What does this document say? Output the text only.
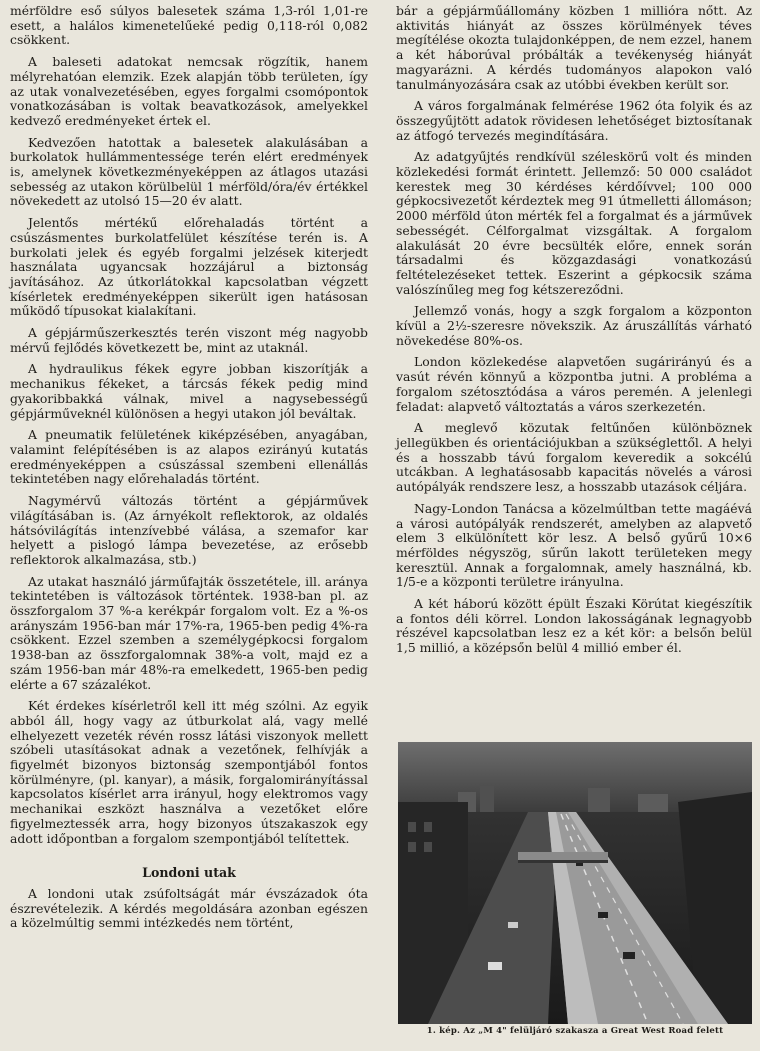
mérföldre eső súlyos balesetek száma 1,3-ról 1,01-re esett, a halálos kimenetelűeké pedig 0,118-ról 0,082 csökkent.

A baleseti adatokat nemcsak rögzítik, hanem mélyrehatóan elemzik. Ezek alapján több területen, így az utak vonalvezetésében, egyes forgalmi csomópontok vonatkozásában is voltak beavatkozások, amelyekkel kedvező eredményeket értek el.

Kedvezően hatottak a balesetek alakulásában a burkolatok hullámmentessége terén elért eredmények is, amelynek következményeképpen az átlagos utazási sebesség az utakon körülbelül 1 mérföld/óra/év értékkel növekedett az utolsó 15—20 év alatt.

Jelentős mértékű előrehaladás történt a csúszásmentes burkolatfelület készítése terén is. A burkolati jelek és egyéb forgalmi jelzések kiterjedt használata ugyancsak hozzájárul a biztonság javításához. Az útkorlátokkal kapcsolatban végzett kísérletek eredményeképpen sikerült igen hatásosan működő típusokat kialakítani.

A gépjárműszerkesztés terén viszont még nagyobb mérvű fejlődés következett be, mint az utaknál.

A hydraulikus fékek egyre jobban kiszorítják a mechanikus fékeket, a tárcsás fékek pedig mind gyakoribbakká válnak, mivel a nagysebességű gépjárműveknél különösen a hegyi utakon jól beváltak.

A pneumatik felületének kiképzésében, anyagában, valamint felépítésében is az alapos ezirányú kutatás eredményeképpen a csúszással szembeni ellenállás tekintetében nagy előrehaladás történt.

Nagymérvű változás történt a gépjárművek világításában is. (Az árnyékolt reflektorok, az oldalés hátsóvilágítás intenzívebbé válása, a szemafor kar helyett a pislogó lámpa bevezetése, az erősebb reflektorok alkalmazása, stb.)

Az utakat használó járműfajták összetétele, ill. aránya tekintetében is változások történtek. 1938-ban pl. az összforgalom 37 %-a kerékpár forgalom volt. Ez a %-os arányszám 1956-ban már 17%-ra, 1965-ben pedig 4%-ra csökkent. Ezzel szemben a személygépkocsi forgalom 1938-ban az összforgalomnak 38%-a volt, majd ez a szám 1956-ban már 48%-ra emelkedett, 1965-ben pedig elérte a 67 százalékot.

Két érdekes kísérletről kell itt még szólni. Az egyik abból áll, hogy vagy az útburkolat alá, vagy mellé elhelyezett vezeték révén rossz látási viszonyok mellett szóbeli utasításokat adnak a vezetőnek, felhívják a figyelmét bizonyos biztonság szempontjából fontos körülményre, (pl. kanyar), a másik, forgalomirányítással kapcsolatos kísérlet arra irányul, hogy elektromos vagy mechanikai eszközt használva a vezetőket előre figyelmeztessék arra, hogy bizonyos útszakaszok egy adott időpontban a forgalom szempontjából telítettek.

Londoni utak

A londoni utak zsúfoltságát már évszázadok óta észrevételezik. A kérdés megoldására azonban egészen a közelmúltig semmi intézkedés nem történt,

bár a gépjárműállomány közben 1 millióra nőtt. Az aktivitás hiányát az összes körülmények téves megítélése okozta tulajdonképpen, de nem ezzel, hanem a két háborúval próbálták a tevékenység hiányát magyarázni. A kérdés tudományos alapokon való tanulmányozására csak az utóbbi években került sor.

A város forgalmának felmérése 1962 óta folyik és az összegyűjtött adatok rövidesen lehetőséget biztosítanak az átfogó tervezés megindítására.

Az adatgyűjtés rendkívül széleskörű volt és minden közlekedési formát érintett. Jellemző: 50 000 családot kerestek meg 30 kérdéses kérdőívvel; 100 000 gépkocsivezetőt kérdeztek meg 91 útmelletti állomáson; 2000 mérföld úton mérték fel a forgalmat és a járművek sebességét. Célforgalmat vizsgáltak. A forgalom alakulását 20 évre becsülték előre, ennek során társadalmi és közgazdasági vonatkozású feltételezéseket tettek. Eszerint a gépkocsik száma valószínűleg meg fog kétszereződni.

Jellemző vonás, hogy a szgk forgalom a központon kívül a 2½-szeresre növekszik. Az áruszállítás várható növekedése 80%-os.

London közlekedése alapvetően sugárirányú és a vasút révén könnyű a központba jutni. A probléma a forgalom szétosztódása a város peremén. A jelenlegi feladat: alapvető változtatás a város szerkezetén.

A meglevő közutak feltűnően különböznek jellegükben és orientációjukban a szükséglettől. A helyi és a hosszabb távú forgalom keveredik a sokcélú utcákban. A leghatásosabb kapacitás növelés a városi autópályák rendszere lesz, a hosszabb utazások céljára.

Nagy-London Tanácsa a közelmúltban tette magáévá a városi autópályák rendszerét, amelyben az alapvető elem 3 elkülönített kör lesz. A belső gyűrű 10×6 mérföldes négyszög, sűrűn lakott területeken megy keresztül. Annak a forgalomnak, amely használná, kb. 1/5-e a központi területre irányulna.

A két háború között épült Északi Körútat kiegészítik a fontos déli körrel. London lakosságának legnagyobb részével kapcsolatban lesz ez a két kör: a belsőn belül 1,5 millió, a középsőn belül 4 millió ember él.

1. kép. Az „M 4" felüljáró szakasza a Great West Road felett
